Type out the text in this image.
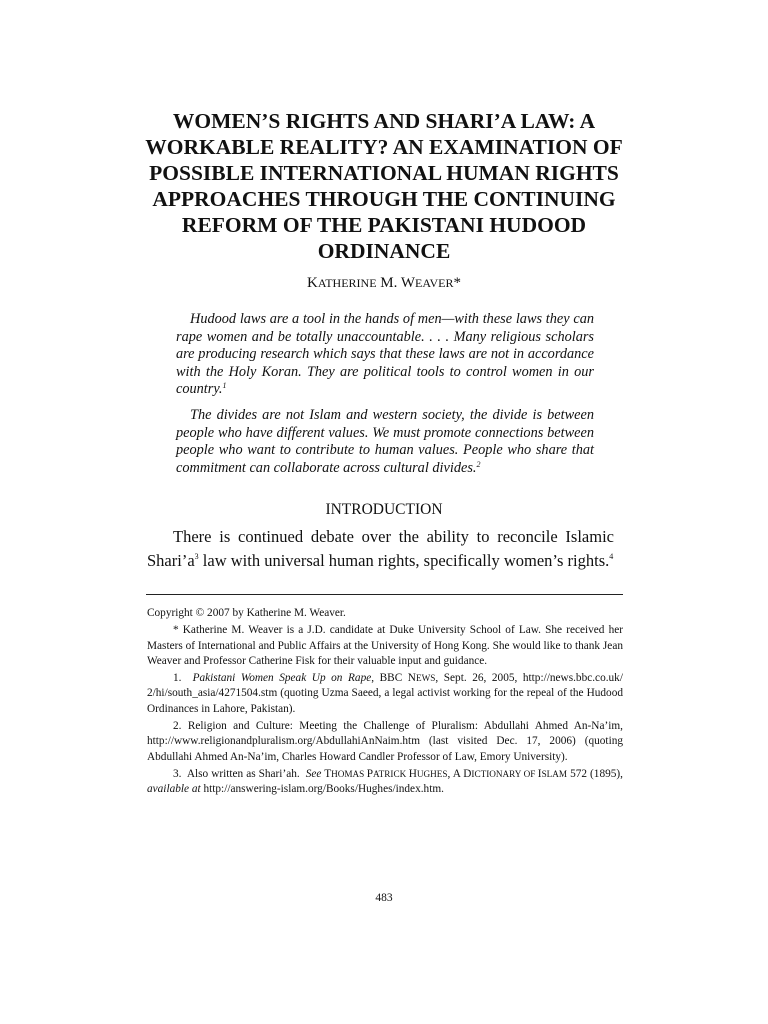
WOMEN’S RIGHTS AND SHARI’A LAW: A
WORKABLE REALITY? AN EXAMINATION OF
POSSIBLE INTERNATIONAL HUMAN RIGHTS
APPROACHES THROUGH THE CONTINUING
REFORM OF THE PAKISTANI HUDOOD
ORDINANCE
KATHERINE M. WEAVER*

Hudood laws are a tool in the hands of men—with these laws they can rape women and be totally unaccountable. . . . Many religious scholars are producing research which says that these laws are not in accordance with the Holy Koran. They are political tools to control women in our country.$^1$

The divides are not Islam and western society, the divide is between people who have different values. We must promote connections between people who want to contribute to human values. People who share that commitment can collaborate across cultural divides.$^2$

INTRODUCTION

There is continued debate over the ability to reconcile Islamic $Shari’a^3$ law with universal human rights, specifically women’s rights.$^4$

Copyright © 2007 by Katherine M. Weaver.

* Katherine M. Weaver is a J.D. candidate at Duke University School of Law. She received her Masters of International and Public Affairs at the University of Hong Kong. She would like to thank Jean Weaver and Professor Catherine Fisk for their valuable input and guidance.

1.  Pakistani Women Speak Up on Rape, BBC NEWS, Sept. 26, 2005, http://news.bbc.co.uk/ 2/hi/south_asia/4271504.stm (quoting Uzma Saeed, a legal activist working for the repeal of the Hudood Ordinances in Lahore, Pakistan).

2. Religion and Culture: Meeting the Challenge of Pluralism: Abdullahi Ahmed An-Na’im, http://www.religionandpluralism.org/AbdullahiAnNaim.htm (last visited Dec. 17, 2006) (quoting Abdullahi Ahmed An-Na’im, Charles Howard Candler Professor of Law, Emory University).

3.  Also written as Shari’ah.  See THOMAS PATRICK HUGHES, A DICTIONARY OF ISLAM 572 (1895), available at http://answering-islam.org/Books/Hughes/index.htm.

483
